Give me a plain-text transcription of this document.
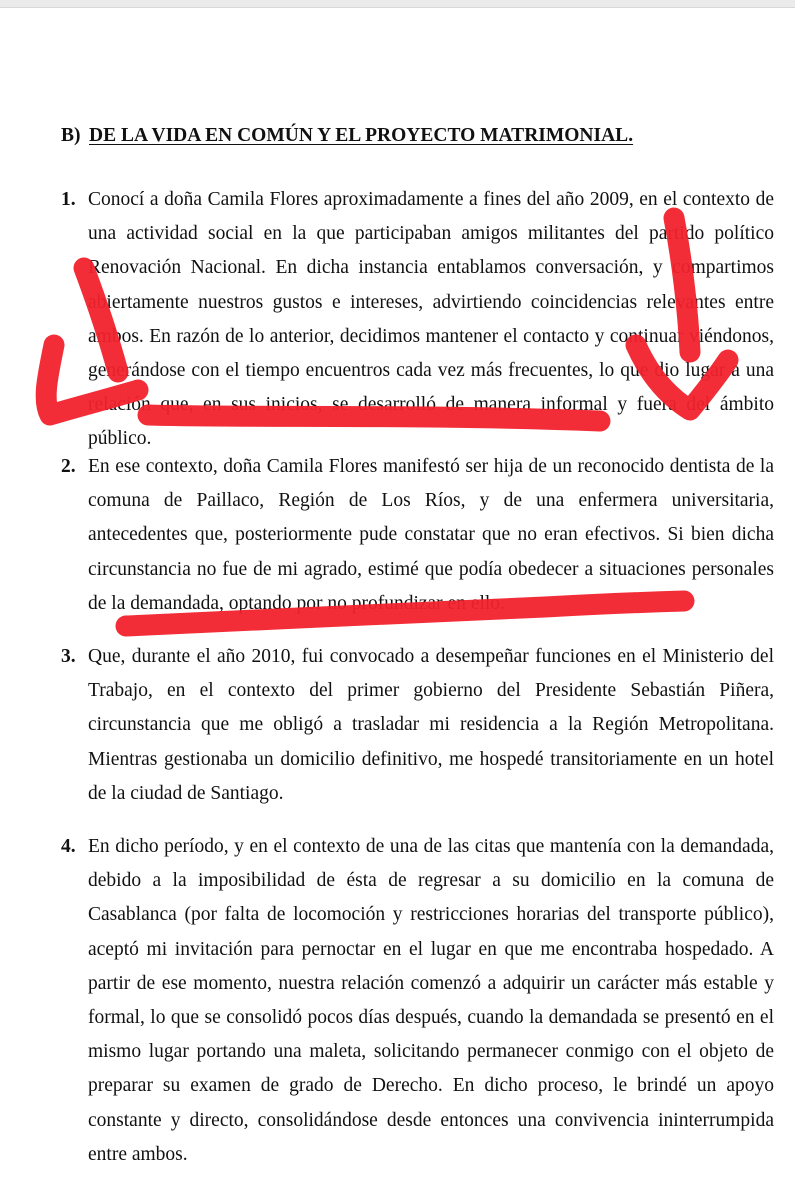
B) DE LA VIDA EN COMÚN Y EL PROYECTO MATRIMONIAL.
1. Conocí a doña Camila Flores aproximadamente a fines del año 2009, en el contexto de una actividad social en la que participaban amigos militantes del partido político Renovación Nacional. En dicha instancia entablamos conversación, y compartimos abiertamente nuestros gustos e intereses, advirtiendo coincidencias relevantes entre ambos. En razón de lo anterior, decidimos mantener el contacto y continuar viéndonos, generándose con el tiempo encuentros cada vez más frecuentes, lo que dio lugar a una relación que, en sus inicios, se desarrolló de manera informal y fuera del ámbito público.
2. En ese contexto, doña Camila Flores manifestó ser hija de un reconocido dentista de la comuna de Paillaco, Región de Los Ríos, y de una enfermera universitaria, antecedentes que, posteriormente pude constatar que no eran efectivos. Si bien dicha circunstancia no fue de mi agrado, estimé que podía obedecer a situaciones personales de la demandada, optando por no profundizar en ello.
3. Que, durante el año 2010, fui convocado a desempeñar funciones en el Ministerio del Trabajo, en el contexto del primer gobierno del Presidente Sebastián Piñera, circunstancia que me obligó a trasladar mi residencia a la Región Metropolitana. Mientras gestionaba un domicilio definitivo, me hospedé transitoriamente en un hotel de la ciudad de Santiago.
4. En dicho período, y en el contexto de una de las citas que mantenía con la demandada, debido a la imposibilidad de ésta de regresar a su domicilio en la comuna de Casablanca (por falta de locomoción y restricciones horarias del transporte público), aceptó mi invitación para pernoctar en el lugar en que me encontraba hospedado. A partir de ese momento, nuestra relación comenzó a adquirir un carácter más estable y formal, lo que se consolidó pocos días después, cuando la demandada se presentó en el mismo lugar portando una maleta, solicitando permanecer conmigo con el objeto de preparar su examen de grado de Derecho. En dicho proceso, le brindé un apoyo constante y directo, consolidándose desde entonces una convivencia ininterrumpida entre ambos.
